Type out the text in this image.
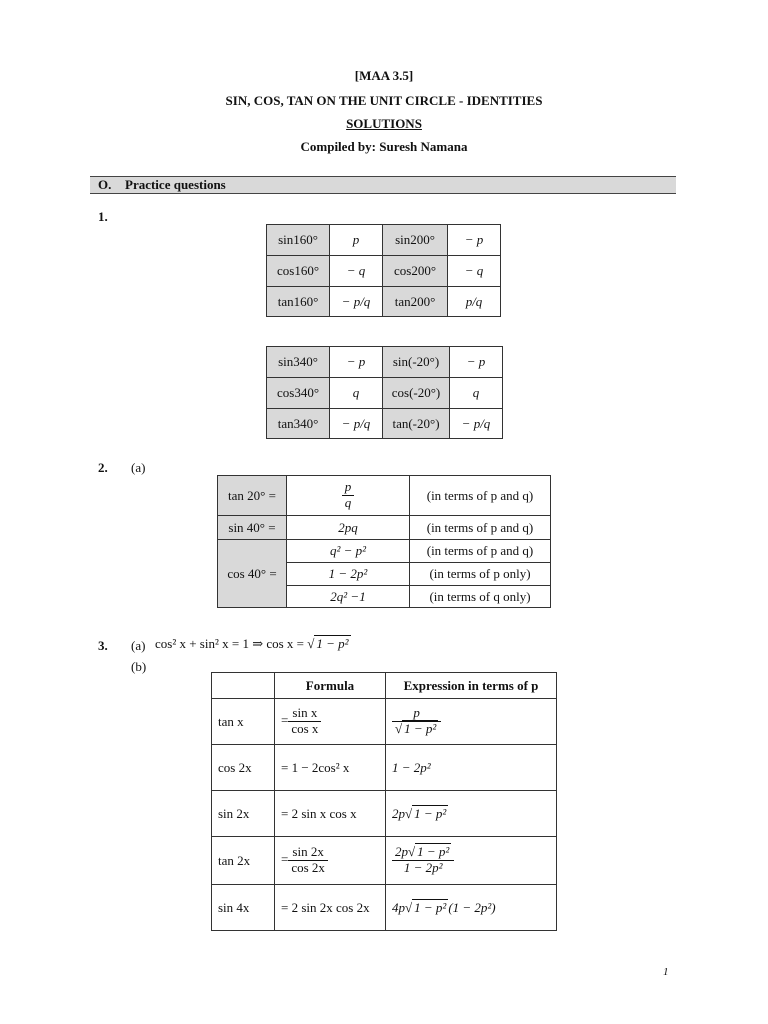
[MAA 3.5]
SIN, COS, TAN ON THE UNIT CIRCLE - IDENTITIES
SOLUTIONS
Compiled by: Suresh Namana
O. Practice questions
1.
sin160°	p	sin200°	− p
cos160°	− q	cos200°	− q
tan160°	− p/q	tan200°	p/q
sin340°	− p	sin(-20°)	− p
cos340°	q	cos(-20°)	q
tan340°	− p/q	tan(-20°)	− p/q
2. (a)
tan 20° =	$\frac{p}{q}$	(in terms of p and q)
sin 40° =	2pq	(in terms of p and q)
cos 40° =	q² − p²	(in terms of p and q)
	1 − 2p²	(in terms of p only)
	2q² −1	(in terms of q only)
3. (a) cos² x + sin² x = 1 ⇒ cos x = √ 1 − p²
(b)
	Formula	Expression in terms of p
tan x	= $\frac{\text{sin x}}{\text{cos x}}$	$\frac{p}{\text{√ 1 − p²}}$

cos 2x	= 1 − 2cos² x	1 − 2p²
sin 2x	= 2 sin x cos x	2p√ 1 − p²
tan 2x	= $\frac{\sin 2x}{\cos 2x}$	$\frac{\text{2p√ 1 − p²}}{\text{1 − 2p²}}$

sin 4x	= 2 sin 2x cos 2x	4p√ 1 − p² (1 − 2p²)
1
